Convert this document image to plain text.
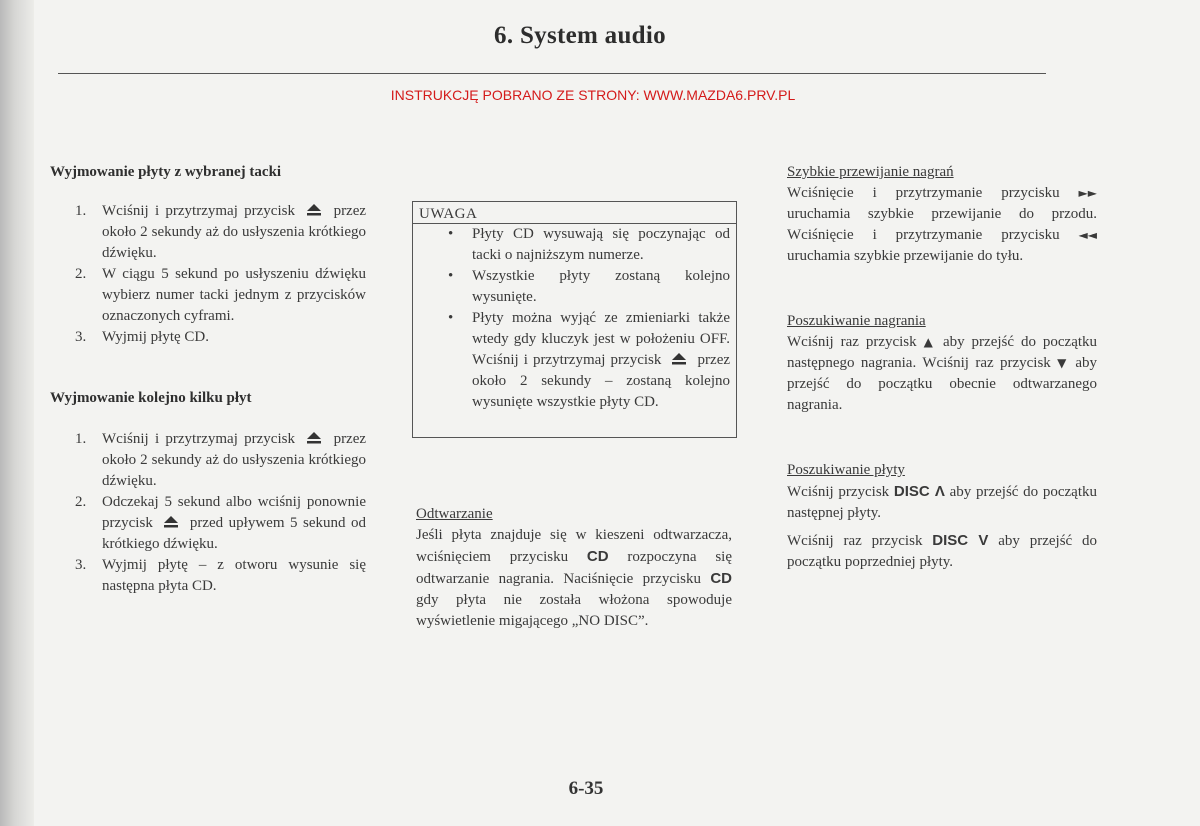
6. System audio
INSTRUKCJĘ POBRANO ZE STRONY: WWW.MAZDA6.PRV.PL

Wyjmowanie płyty z wybranej tacki

1. Wciśnij i przytrzymaj przycisk	przez około 2 sekundy aż do usłyszenia krótkiego dźwięku.
2. W ciągu 5 sekund po usłyszeniu dźwięku wybierz numer tacki jednym z przycisków oznaczonych cyframi.
3. Wyjmij płytę CD.

Wyjmowanie kolejno kilku płyt

1. Wciśnij i przytrzymaj przycisk	przez około 2 sekundy aż do usłyszenia krótkiego dźwięku.
2. Odczekaj 5 sekund albo wciśnij ponownie przycisk przed upływem 5 sekund od krótkiego dźwięku.
3. Wyjmij płytę – z otworu wysunie się następna płyta CD.
UWAGA
• Płyty CD wysuwają się poczynając od tacki o najniższym numerze.
• Wszystkie płyty zostaną kolejno wysunięte.
• Płyty można wyjąć ze zmieniarki także wtedy gdy kluczyk jest w położeniu OFF. Wciśnij i przytrzymaj przycisk przez około 2 sekundy – zostaną kolejno wysunięte wszystkie płyty CD.

Odtwarzanie

Jeśli płyta znajduje się w kieszeni odtwarzacza, wciśnięciem przycisku CD rozpoczyna się odtwarzanie nagrania. Naciśnięcie przycisku CD gdy płyta nie została włożona spowoduje wyświetlenie migającego „NO DISC”.

Szybkie przewijanie nagrań

Wciśnięcie i przytrzymanie przycisku ►► uruchamia szybkie przewijanie do przodu. Wciśnięcie i przytrzymanie przycisku ◄◄ uruchamia szybkie przewijanie do tyłu.

Poszukiwanie nagrania

Wciśnij raz przycisk ▲ aby przejść do początku następnego nagrania. Wciśnij raz przycisk ▼ aby przejść do początku obecnie odtwarzanego nagrania.

Poszukiwanie płyty

Wciśnij przycisk DISC Λ aby przejść do początku następnej płyty.

Wciśnij raz przycisk DISC V aby przejść do początku poprzedniej płyty.

6-35
